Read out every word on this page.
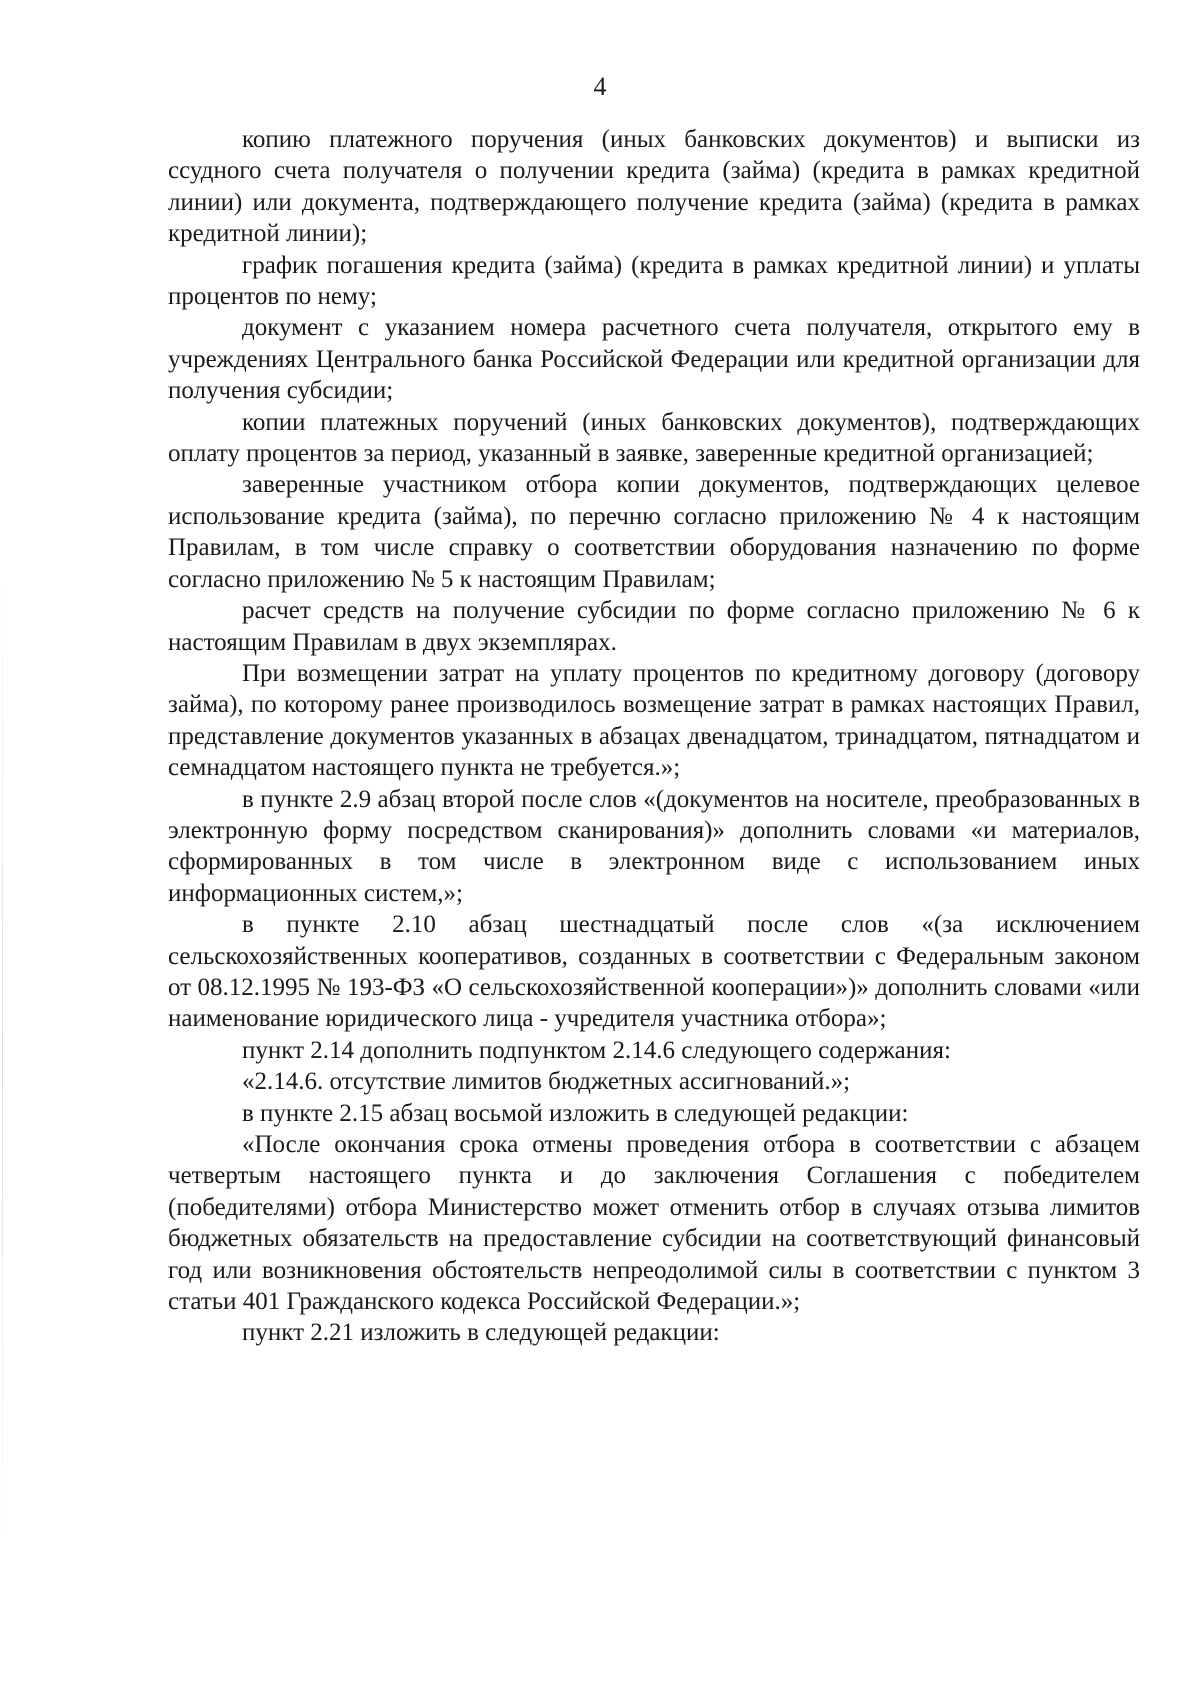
4

копию платежного поручения (иных банковских документов) и выписки из ссудного счета получателя о получении кредита (займа) (кредита в рамках кредитной линии) или документа, подтверждающего получение кредита (займа) (кредита в рамках кредитной линии);

график погашения кредита (займа) (кредита в рамках кредитной линии) и уплаты процентов по нему;

документ с указанием номера расчетного счета получателя, открытого ему в учреждениях Центрального банка Российской Федерации или кредитной организации для получения субсидии;

копии платежных поручений (иных банковских документов), подтверждающих оплату процентов за период, указанный в заявке, заверенные кредитной организацией;

заверенные участником отбора копии документов, подтверждающих целевое использование кредита (займа), по перечню согласно приложению № 4 к настоящим Правилам, в том числе справку о соответствии оборудования назначению по форме согласно приложению № 5 к настоящим Правилам;

расчет средств на получение субсидии по форме согласно приложению № 6 к настоящим Правилам в двух экземплярах.

При возмещении затрат на уплату процентов по кредитному договору (договору займа), по которому ранее производилось возмещение затрат в рамках настоящих Правил, представление документов указанных в абзацах двенадцатом, тринадцатом, пятнадцатом и семнадцатом настоящего пункта не требуется.»;

в пункте 2.9 абзац второй после слов «(документов на носителе, преобразованных в электронную форму посредством сканирования)» дополнить словами «и материалов, сформированных в том числе в электронном виде с использованием иных информационных систем,»;

в пункте 2.10 абзац шестнадцатый после слов «(за исключением сельскохозяйственных кооперативов, созданных в соответствии с Федеральным законом от 08.12.1995 № 193-ФЗ «О сельскохозяйственной кооперации»)» дополнить словами «или наименование юридического лица - учредителя участника отбора»;

пункт 2.14 дополнить подпунктом 2.14.6 следующего содержания:

«2.14.6. отсутствие лимитов бюджетных ассигнований.»;

в пункте 2.15 абзац восьмой изложить в следующей редакции:

«После окончания срока отмены проведения отбора в соответствии с абзацем четвертым настоящего пункта и до заключения Соглашения с победителем (победителями) отбора Министерство может отменить отбор в случаях отзыва лимитов бюджетных обязательств на предоставление субсидии на соответствующий финансовый год или возникновения обстоятельств непреодолимой силы в соответствии с пунктом 3 статьи 401 Гражданского кодекса Российской Федерации.»;

пункт 2.21 изложить в следующей редакции:
